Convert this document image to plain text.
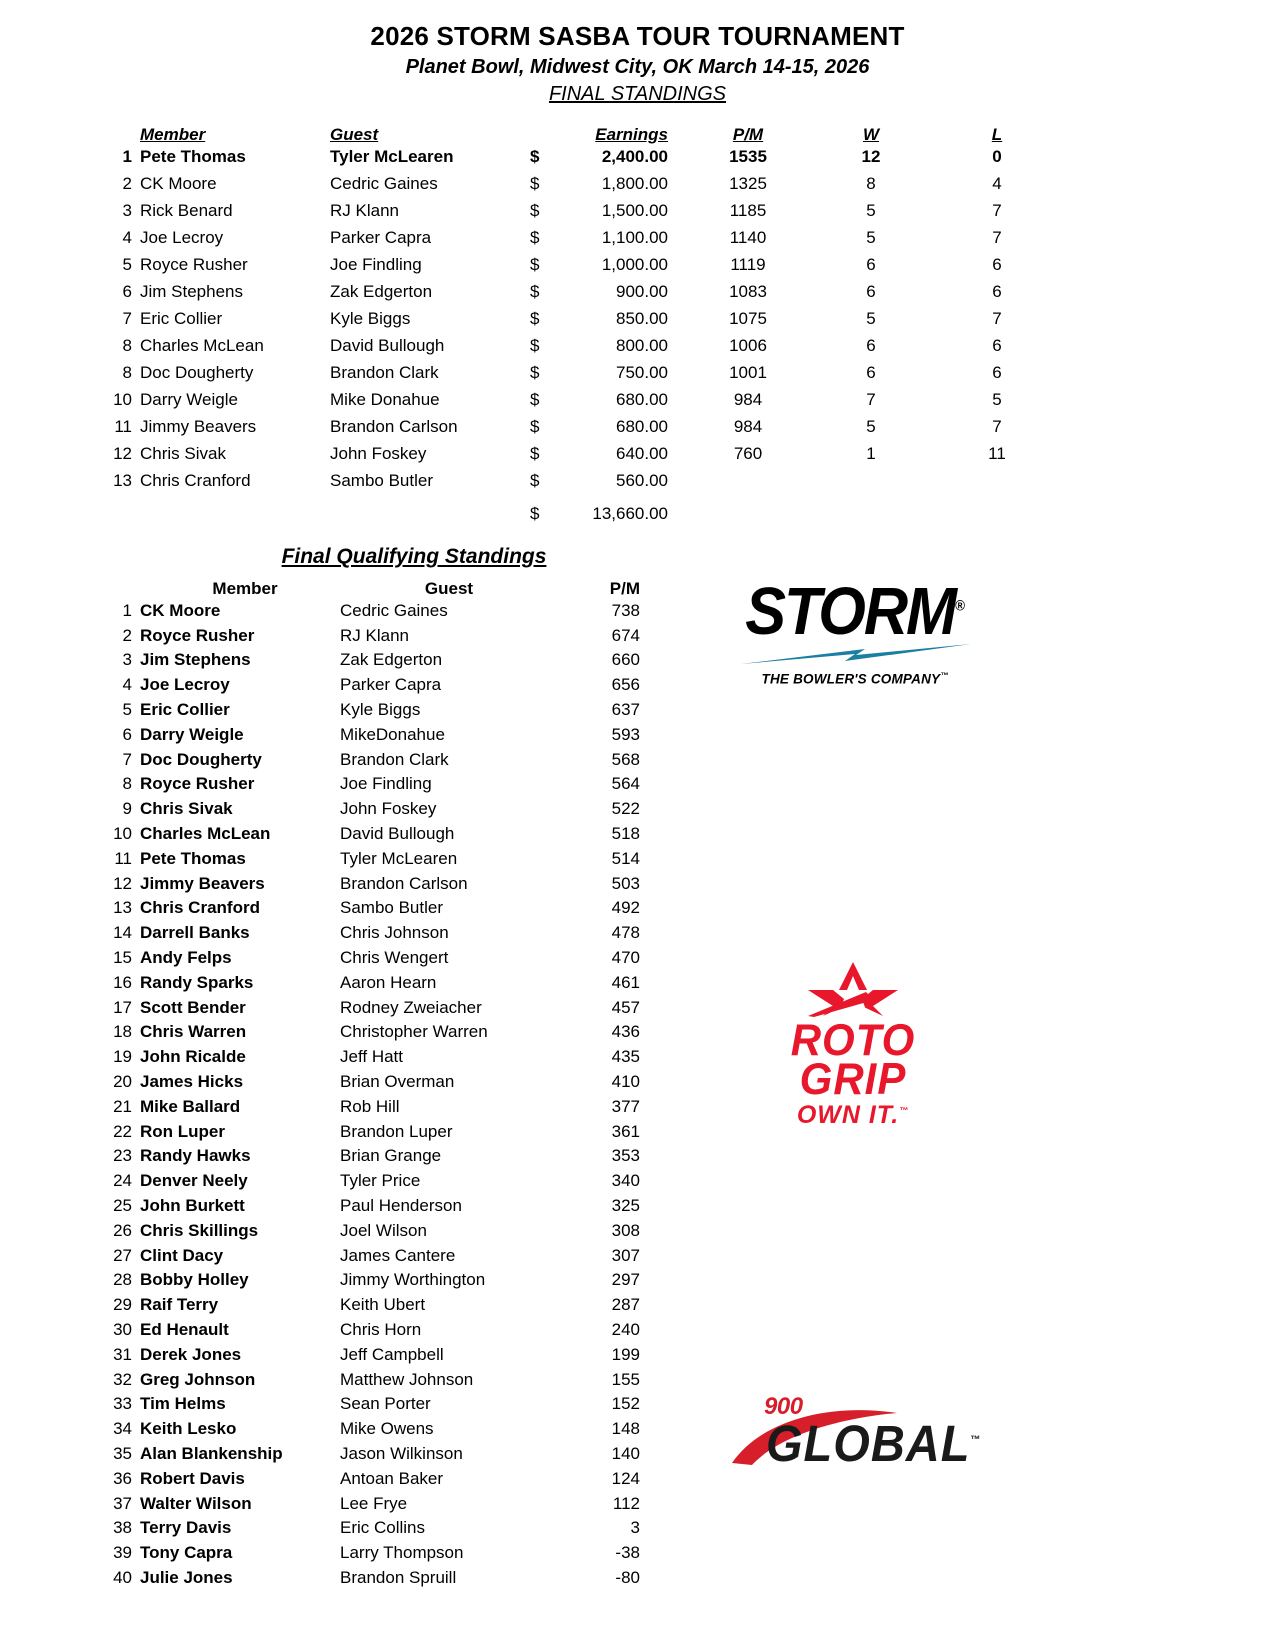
2026 STORM SASBA TOUR TOURNAMENT
Planet Bowl, Midwest City, OK March 14-15, 2026
FINAL STANDINGS
	Member	Guest		Earnings	P/M	W	L
1	Pete Thomas	Tyler McLearen	$	2,400.00	1535	12	0
2	CK Moore	Cedric Gaines	$	1,800.00	1325	8	4
3	Rick Benard	RJ Klann	$	1,500.00	1185	5	7
4	Joe Lecroy	Parker Capra	$	1,100.00	1140	5	7
5	Royce Rusher	Joe Findling	$	1,000.00	1119	6	6
6	Jim Stephens	Zak Edgerton	$	900.00	1083	6	6
7	Eric Collier	Kyle Biggs	$	850.00	1075	5	7
8	Charles McLean	David Bullough	$	800.00	1006	6	6
8	Doc Dougherty	Brandon Clark	$	750.00	1001	6	6
10	Darry Weigle	Mike Donahue	$	680.00	984	7	5
11	Jimmy Beavers	Brandon Carlson	$	680.00	984	5	7
12	Chris Sivak	John Foskey	$	640.00	760	1	11
13	Chris Cranford	Sambo Butler	$	560.00			
			$	13,660.00			
Final Qualifying Standings
	Member	Guest	P/M
1	CK Moore	Cedric Gaines	738
2	Royce Rusher	RJ Klann	674
3	Jim Stephens	Zak Edgerton	660
4	Joe Lecroy	Parker Capra	656
5	Eric Collier	Kyle Biggs	637
6	Darry Weigle	MikeDonahue	593
7	Doc Dougherty	Brandon Clark	568
8	Royce Rusher	Joe Findling	564
9	Chris Sivak	John Foskey	522
10	Charles McLean	David Bullough	518
11	Pete Thomas	Tyler McLearen	514
12	Jimmy Beavers	Brandon Carlson	503
13	Chris Cranford	Sambo Butler	492
14	Darrell Banks	Chris Johnson	478
15	Andy Felps	Chris Wengert	470
16	Randy Sparks	Aaron Hearn	461
17	Scott Bender	Rodney Zweiacher	457
18	Chris Warren	Christopher Warren	436
19	John Ricalde	Jeff Hatt	435
20	James Hicks	Brian Overman	410
21	Mike Ballard	Rob Hill	377
22	Ron Luper	Brandon Luper	361
23	Randy Hawks	Brian Grange	353
24	Denver Neely	Tyler Price	340
25	John Burkett	Paul Henderson	325
26	Chris Skillings	Joel Wilson	308
27	Clint Dacy	James Cantere	307
28	Bobby Holley	Jimmy Worthington	297
29	Raif Terry	Keith Ubert	287
30	Ed Henault	Chris Horn	240
31	Derek Jones	Jeff Campbell	199
32	Greg Johnson	Matthew Johnson	155
33	Tim Helms	Sean Porter	152
34	Keith Lesko	Mike Owens	148
35	Alan Blankenship	Jason Wilkinson	140
36	Robert Davis	Antoan Baker	124
37	Walter Wilson	Lee Frye	112
38	Terry Davis	Eric Collins	3
39	Tony Capra	Larry Thompson	-38
40	Julie Jones	Brandon Spruill	-80
STORM®
THE BOWLER'S COMPANY™
ROTO
GRIP
OWN IT.™
900
GLOBAL™
